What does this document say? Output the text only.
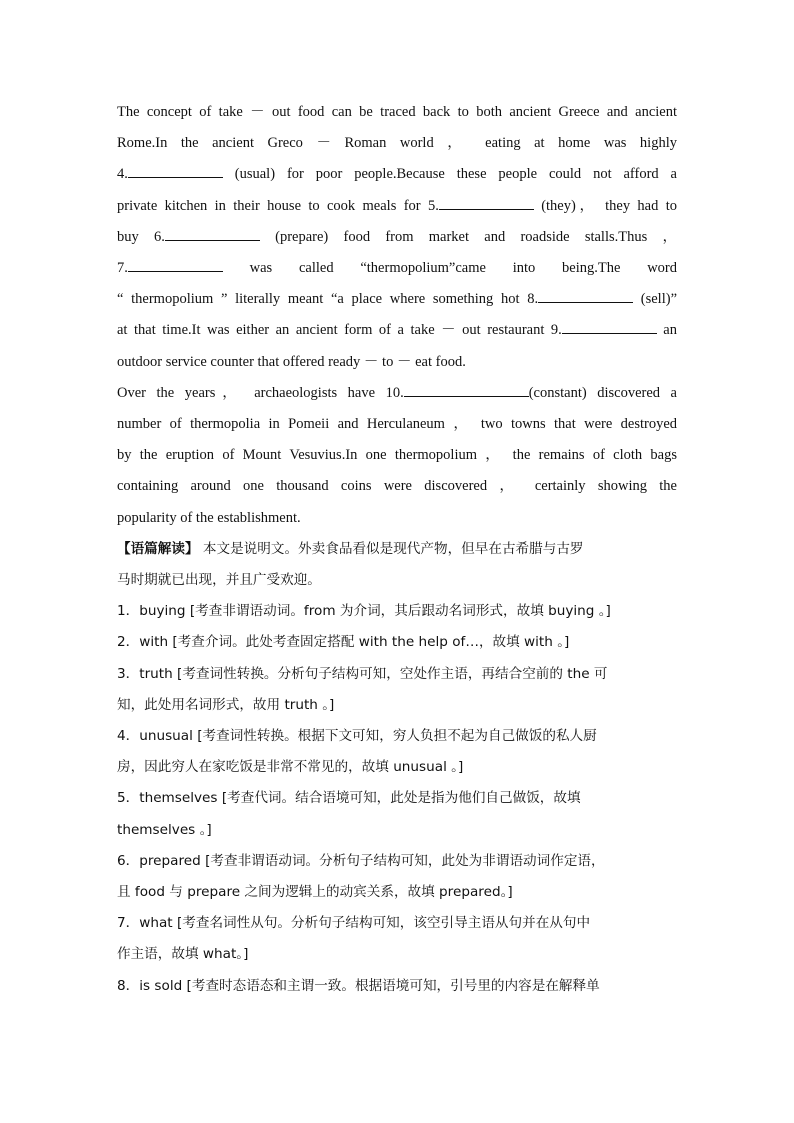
The concept of take － out food can be traced back to both ancient Greece and ancient

Rome.In the ancient Greco － Roman world ， eating at home was highly

4.	(usual) for poor people.Because these people could not afford a

private kitchen in their house to cook meals for 5.	(they)， they had to

buy 6.	(prepare) food from market and roadside stalls.Thus ，

7.	was called “thermopolium”came into being.The word

“ thermopolium ” literally meant “a place where something hot 8.	(sell)”

at that time.It was either an ancient form of a take － out restaurant 9.	an

outdoor service counter that offered ready － to － eat food.

Over the years， archaeologists have 10.	(constant) discovered a

number of thermopolia in Pomeii and Herculaneum ， two towns that were destroyed

by the eruption of Mount Vesuvius.In one thermopolium ， the remains of cloth bags

containing around one thousand coins were discovered ， certainly showing the

popularity of the establishment.

【语篇解读】 本文是说明文。外卖食品看似是现代产物，但早在古希腊与古罗

马时期就已出现，并且广受欢迎。

1．buying [考查非谓语动词。from 为介词，其后跟动名词形式，故填 buying 。]

2．with [考查介词。此处考查固定搭配 with the help of…，故填 with 。]

3．truth [考查词性转换。分析句子结构可知，空处作主语，再结合空前的 the 可

知，此处用名词形式，故用 truth 。]

4．unusual [考查词性转换。根据下文可知，穷人负担不起为自己做饭的私人厨

房，因此穷人在家吃饭是非常不常见的，故填 unusual 。]

5．themselves [考查代词。结合语境可知，此处是指为他们自己做饭，故填

themselves 。]

6．prepared [考查非谓语动词。分析句子结构可知，此处为非谓语动词作定语，

且 food 与 prepare 之间为逻辑上的动宾关系，故填 prepared。]

7．what [考查名词性从句。分析句子结构可知，该空引导主语从句并在从句中

作主语，故填 what。]

8．is sold [考查时态语态和主谓一致。根据语境可知，引号里的内容是在解释单
